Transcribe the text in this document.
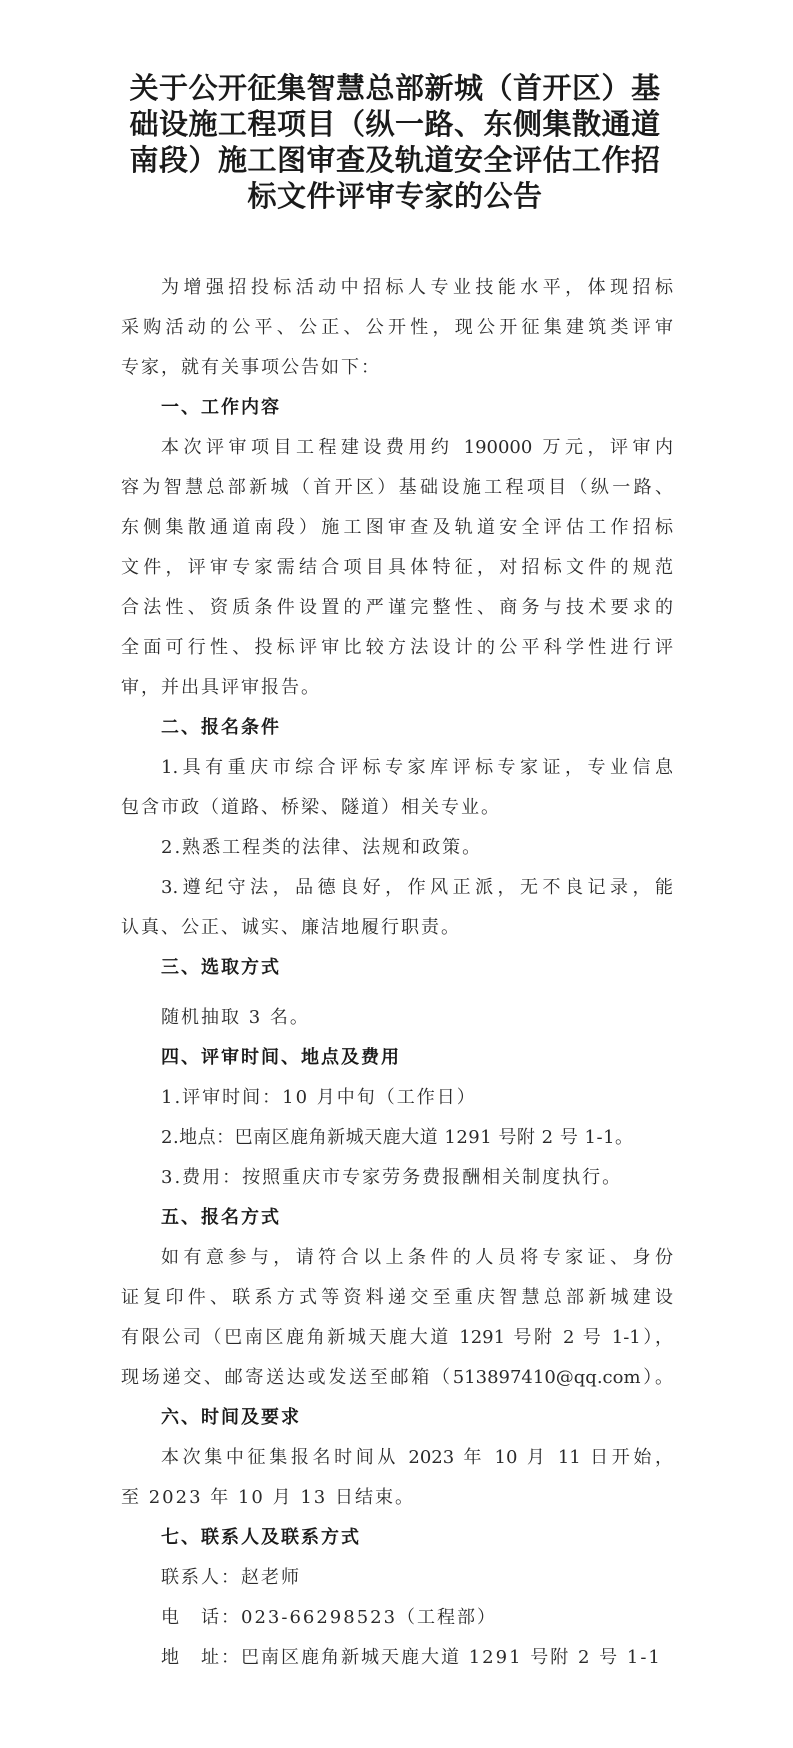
关于公开征集智慧总部新城（首开区）基
础设施工程项目（纵一路、东侧集散通道
南段）施工图审查及轨道安全评估工作招
标文件评审专家的公告
为增强招投标活动中招标人专业技能水平，体现招标
采购活动的公平、公正、公开性，现公开征集建筑类评审
专家，就有关事项公告如下：
一、工作内容
本次评审项目工程建设费用约 190000 万元，评审内
容为智慧总部新城（首开区）基础设施工程项目（纵一路、
东侧集散通道南段）施工图审查及轨道安全评估工作招标
文件，评审专家需结合项目具体特征，对招标文件的规范
合法性、资质条件设置的严谨完整性、商务与技术要求的
全面可行性、投标评审比较方法设计的公平科学性进行评
审，并出具评审报告。
二、报名条件
1.具有重庆市综合评标专家库评标专家证，专业信息
包含市政（道路、桥梁、隧道）相关专业。
2.熟悉工程类的法律、法规和政策。
3.遵纪守法，品德良好，作风正派，无不良记录，能
认真、公正、诚实、廉洁地履行职责。
三、选取方式
随机抽取 3 名。
四、评审时间、地点及费用
1.评审时间：10 月中旬（工作日）
2.地点：巴南区鹿角新城天鹿大道 1291 号附 2 号 1-1。
3.费用：按照重庆市专家劳务费报酬相关制度执行。
五、报名方式
如有意参与，请符合以上条件的人员将专家证、身份
证复印件、联系方式等资料递交至重庆智慧总部新城建设
有限公司（巴南区鹿角新城天鹿大道 1291 号附 2 号 1-1），
现场递交、邮寄送达或发送至邮箱（513897410@qq.com）。
六、时间及要求
本次集中征集报名时间从 2023 年 10 月 11 日开始，
至 2023 年 10 月 13 日结束。
七、联系人及联系方式
联系人：赵老师
电　话：023-66298523（工程部）
地　址：巴南区鹿角新城天鹿大道 1291 号附 2 号 1-1
